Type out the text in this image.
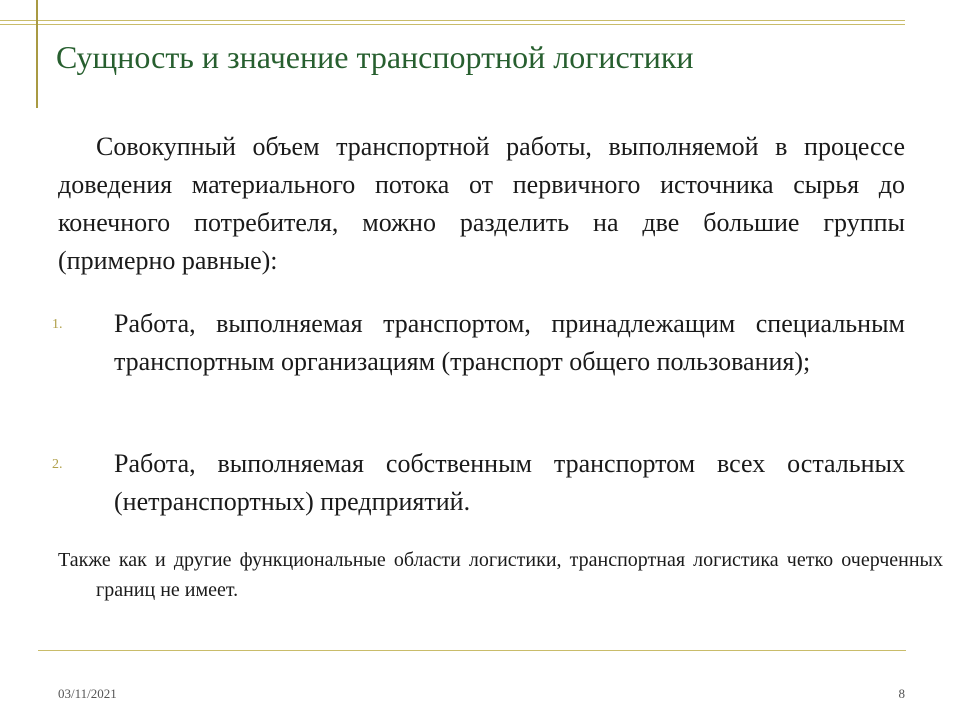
Сущность и значение транспортной логистики

Совокупный объем транспортной работы, выполняемой в процессе доведения материального потока от первичного источника сырья до конечного потребителя, можно разделить на две большие группы (примерно равные):

1. Работа, выполняемая транспортом, принадлежащим специальным транспортным организациям (транспорт общего пользования);

2. Работа, выполняемая собственным транспортом всех остальных (нетранспортных) предприятий.

Также как и другие функциональные области логистики, транспортная логистика четко очерченных границ не имеет.

03/11/2021	8
